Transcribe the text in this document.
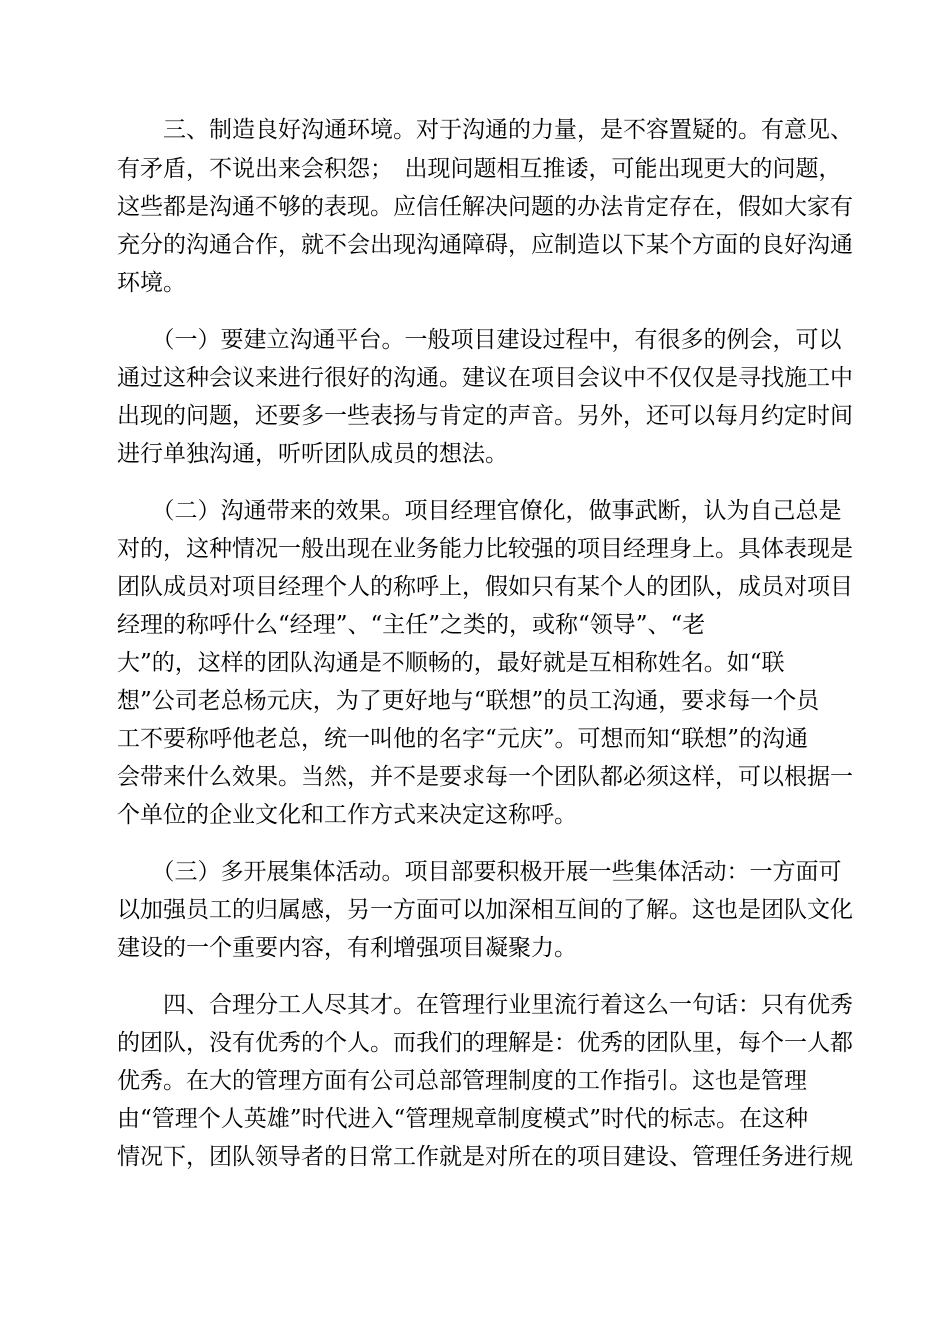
　　三、制造良好沟通环境。对于沟通的力量，是不容置疑的。有意见、
有矛盾，不说出来会积怨；　出现问题相互推诿，可能出现更大的问题，
这些都是沟通不够的表现。应信任解决问题的办法肯定存在，假如大家有
充分的沟通合作，就不会出现沟通障碍，应制造以下某个方面的良好沟通
环境。
　　（一）要建立沟通平台。一般项目建设过程中，有很多的例会，可以
通过这种会议来进行很好的沟通。建议在项目会议中不仅仅是寻找施工中
出现的问题，还要多一些表扬与肯定的声音。另外，还可以每月约定时间
进行单独沟通，听听团队成员的想法。
　　（二）沟通带来的效果。项目经理官僚化，做事武断，认为自己总是
对的，这种情况一般出现在业务能力比较强的项目经理身上。具体表现是
团队成员对项目经理个人的称呼上，假如只有某个人的团队，成员对项目
经理的称呼什么“经理”、“主任”之类的，或称“领导”、“老
大”的，这样的团队沟通是不顺畅的，最好就是互相称姓名。如“联
想”公司老总杨元庆，为了更好地与“联想”的员工沟通，要求每一个员
工不要称呼他老总，统一叫他的名字“元庆”。可想而知“联想”的沟通
会带来什么效果。当然，并不是要求每一个团队都必须这样，可以根据一
个单位的企业文化和工作方式来决定这称呼。
　　（三）多开展集体活动。项目部要积极开展一些集体活动：一方面可
以加强员工的归属感，另一方面可以加深相互间的了解。这也是团队文化
建设的一个重要内容，有利增强项目凝聚力。
　　四、合理分工人尽其才。在管理行业里流行着这么一句话：只有优秀
的团队，没有优秀的个人。而我们的理解是：优秀的团队里，每个一人都
优秀。在大的管理方面有公司总部管理制度的工作指引。这也是管理
由“管理个人英雄”时代进入“管理规章制度模式”时代的标志。在这种
情况下，团队领导者的日常工作就是对所在的项目建设、管理任务进行规
